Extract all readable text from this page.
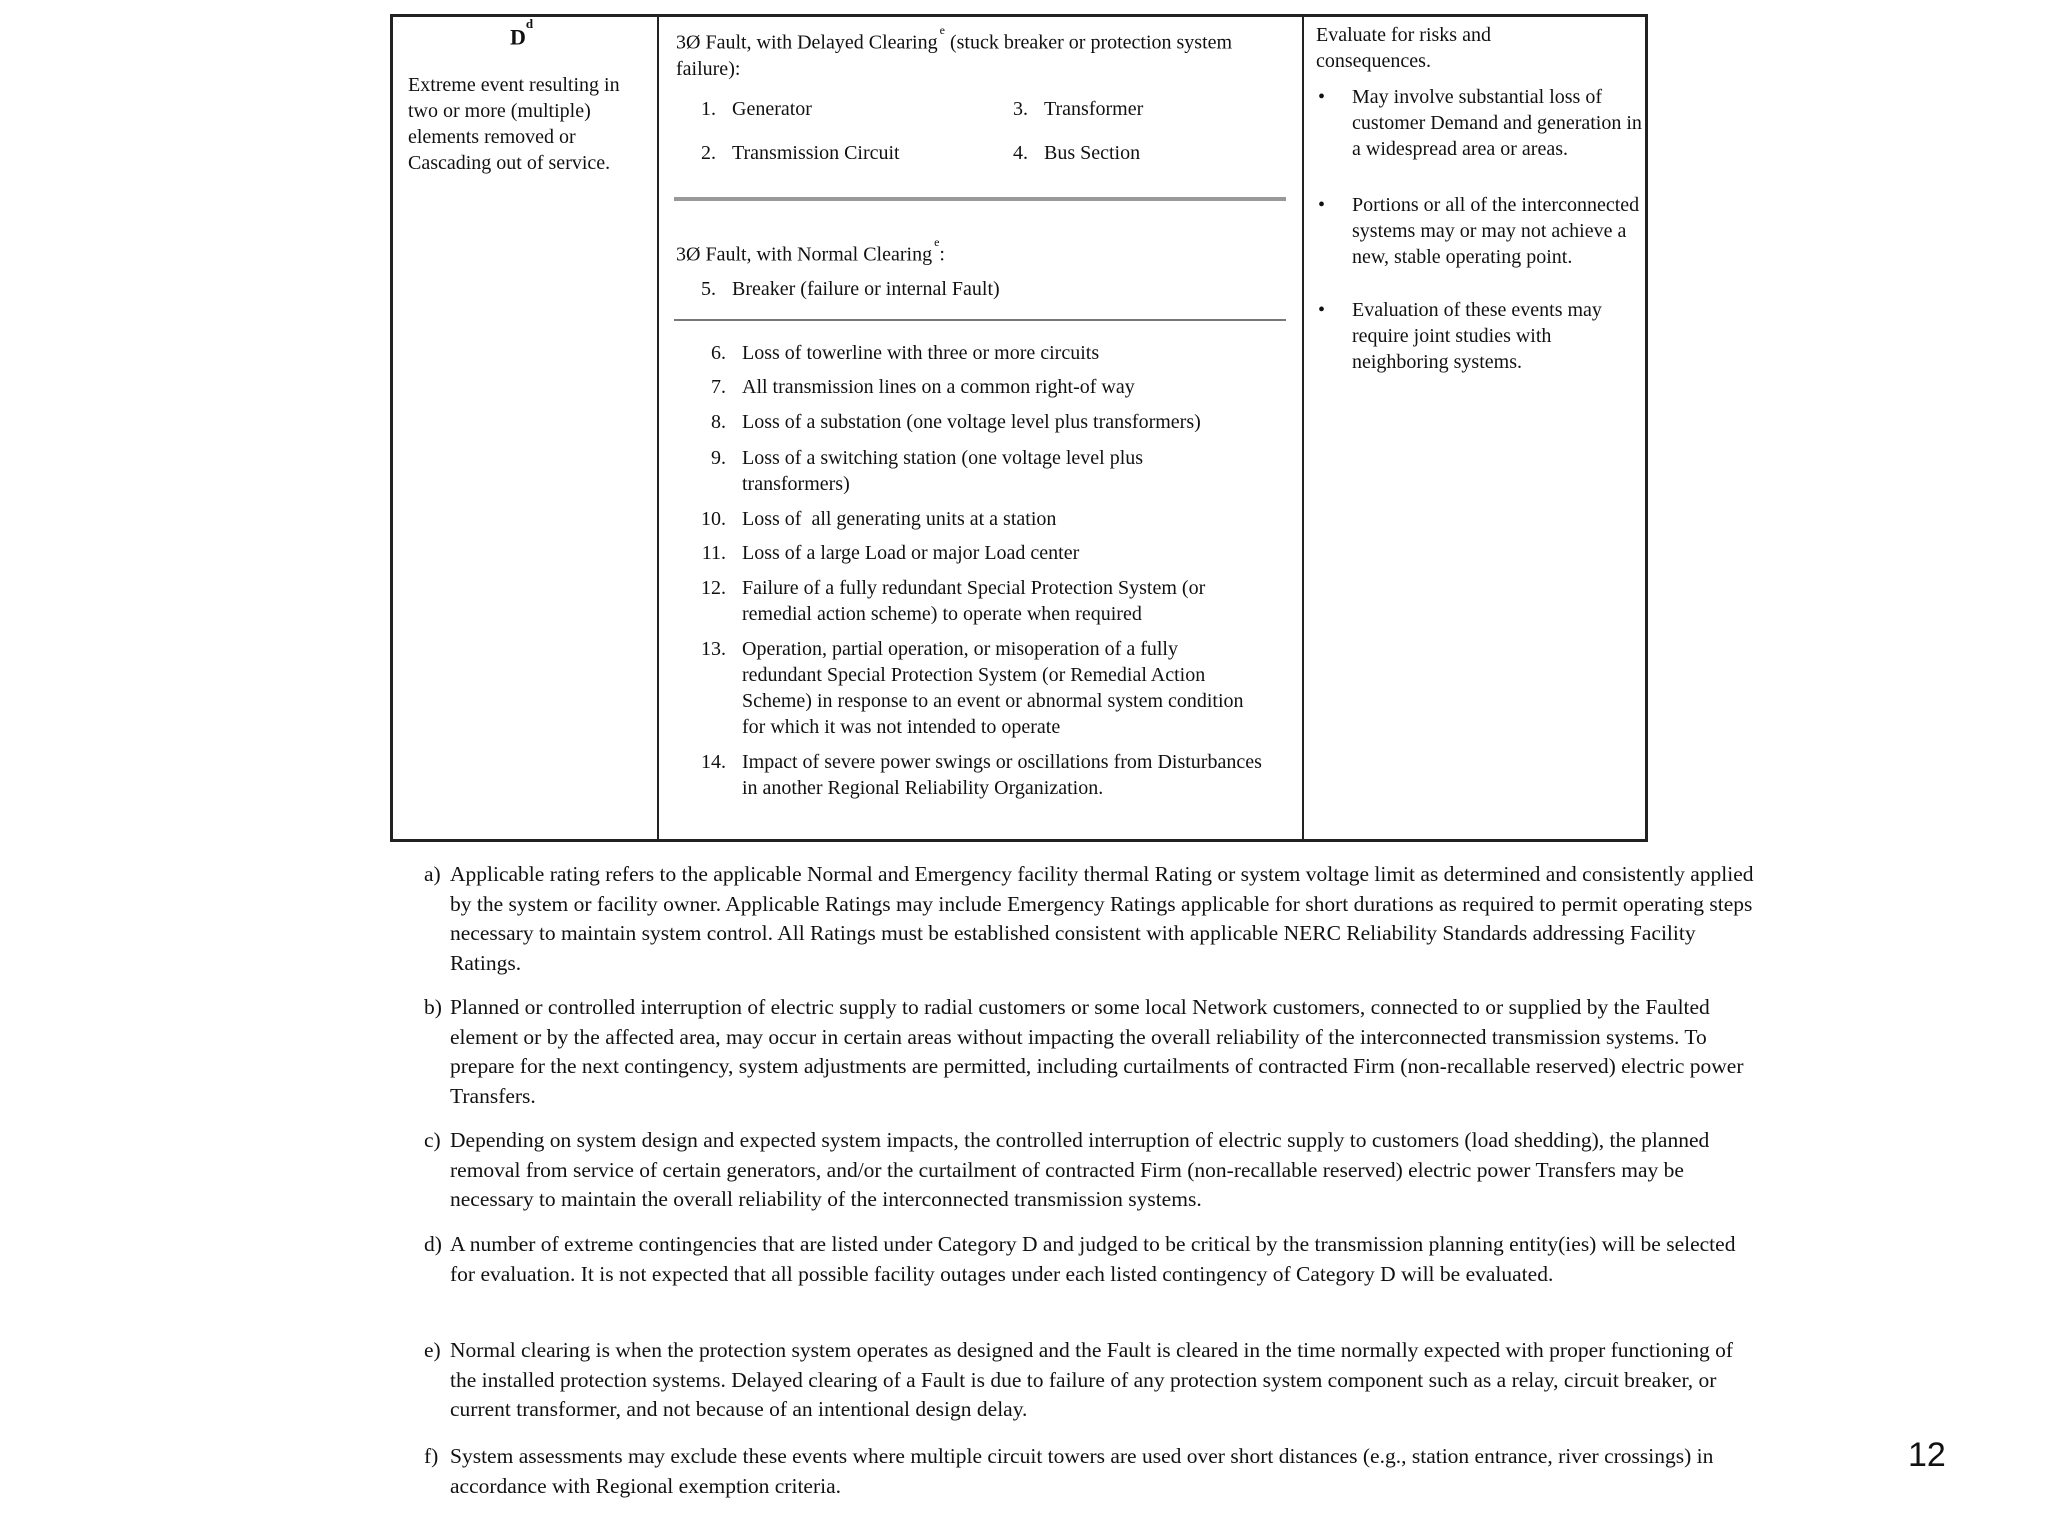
$D^d$
Extreme event resulting in two or more (multiple) elements removed or Cascading out of service.
3Ø Fault, with Delayed Clearing$^e$ (stuck breaker or protection system failure):
1. Generator
2. Transmission Circuit
3. Transformer
4. Bus Section
3Ø Fault, with Normal Clearing$^e$:
5. Breaker (failure or internal Fault)
6. Loss of towerline with three or more circuits
7. All transmission lines on a common right-of way
8. Loss of a substation (one voltage level plus transformers)
9. Loss of a switching station (one voltage level plus transformers)
10. Loss of  all generating units at a station
11. Loss of a large Load or major Load center
12. Failure of a fully redundant Special Protection System (or remedial action scheme) to operate when required
13. Operation, partial operation, or misoperation of a fully redundant Special Protection System (or Remedial Action Scheme) in response to an event or abnormal system condition for which it was not intended to operate
14. Impact of severe power swings or oscillations from Disturbances in another Regional Reliability Organization.
Evaluate for risks and consequences.
• May involve substantial loss of customer Demand and generation in a widespread area or areas.
• Portions or all of the interconnected systems may or may not achieve a new, stable operating point.
• Evaluation of these events may require joint studies with neighboring systems.
a) Applicable rating refers to the applicable Normal and Emergency facility thermal Rating or system voltage limit as determined and consistently applied by the system or facility owner. Applicable Ratings may include Emergency Ratings applicable for short durations as required to permit operating steps necessary to maintain system control. All Ratings must be established consistent with applicable NERC Reliability Standards addressing Facility Ratings.
b) Planned or controlled interruption of electric supply to radial customers or some local Network customers, connected to or supplied by the Faulted element or by the affected area, may occur in certain areas without impacting the overall reliability of the interconnected transmission systems. To prepare for the next contingency, system adjustments are permitted, including curtailments of contracted Firm (non-recallable reserved) electric power Transfers.
c) Depending on system design and expected system impacts, the controlled interruption of electric supply to customers (load shedding), the planned removal from service of certain generators, and/or the curtailment of contracted Firm (non-recallable reserved) electric power Transfers may be necessary to maintain the overall reliability of the interconnected transmission systems.
d) A number of extreme contingencies that are listed under Category D and judged to be critical by the transmission planning entity(ies) will be selected for evaluation. It is not expected that all possible facility outages under each listed contingency of Category D will be evaluated.
e) Normal clearing is when the protection system operates as designed and the Fault is cleared in the time normally expected with proper functioning of the installed protection systems. Delayed clearing of a Fault is due to failure of any protection system component such as a relay, circuit breaker, or current transformer, and not because of an intentional design delay.
f) System assessments may exclude these events where multiple circuit towers are used over short distances (e.g., station entrance, river crossings) in accordance with Regional exemption criteria.
12
